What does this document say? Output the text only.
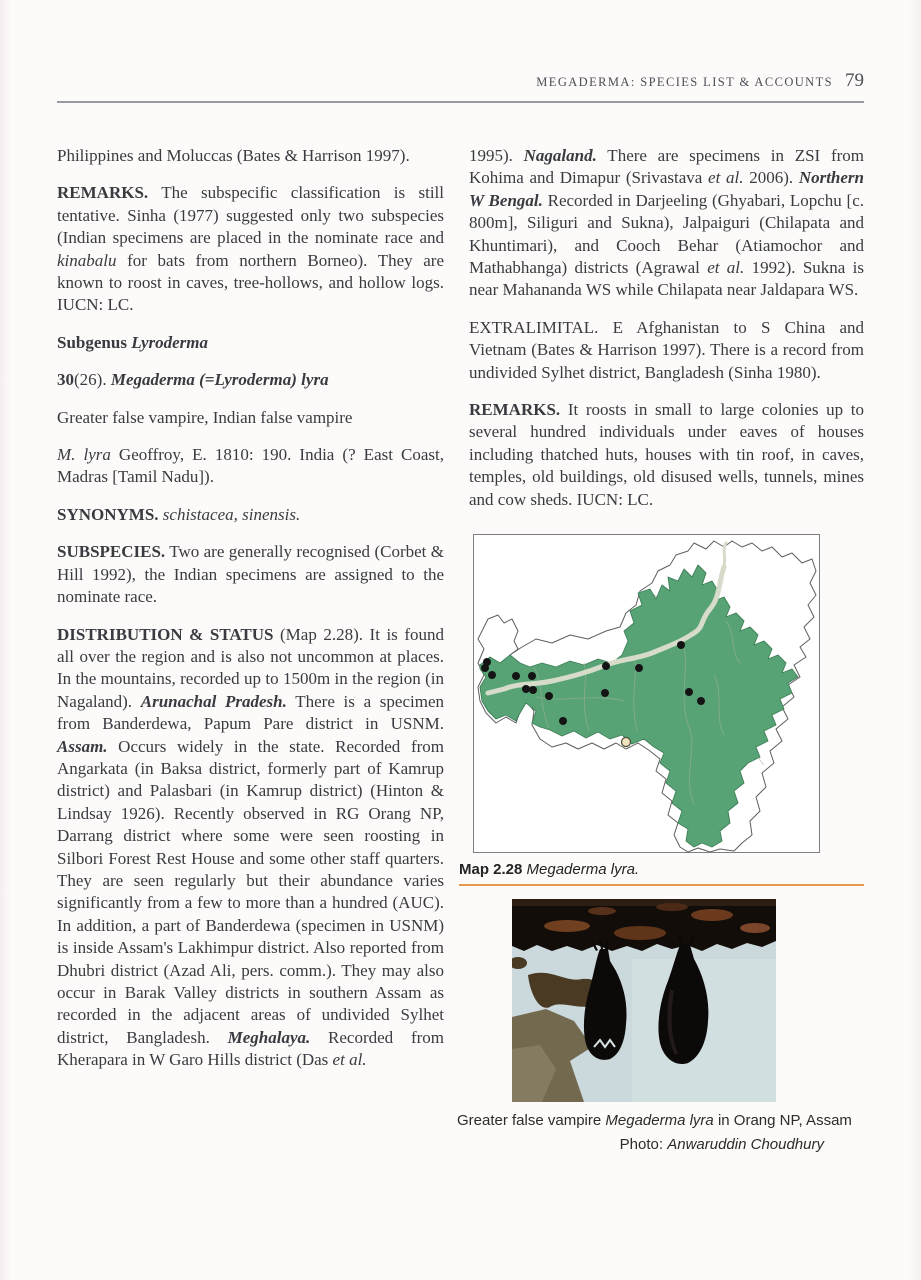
MEGADERMA: SPECIES LIST & ACCOUNTS 79

Philippines and Moluccas (Bates & Harrison 1997).

REMARKS. The subspecific classification is still tentative. Sinha (1977) suggested only two subspecies (Indian specimens are placed in the nominate race and kinabalu for bats from northern Borneo). They are known to roost in caves, tree-hollows, and hollow logs. IUCN: LC.

Subgenus Lyroderma

30(26). Megaderma (=Lyroderma) lyra

Greater false vampire, Indian false vampire

M. lyra Geoffroy, E. 1810: 190. India (? East Coast, Madras [Tamil Nadu]).

SYNONYMS. schistacea, sinensis.

SUBSPECIES. Two are generally recognised (Corbet & Hill 1992), the Indian specimens are assigned to the nominate race.

DISTRIBUTION & STATUS (Map 2.28). It is found all over the region and is also not uncommon at places. In the mountains, recorded up to 1500m in the region (in Nagaland). Arunachal Pradesh. There is a specimen from Banderdewa, Papum Pare district in USNM. Assam. Occurs widely in the state. Recorded from Angarkata (in Baksa district, formerly part of Kamrup district) and Palasbari (in Kamrup district) (Hinton & Lindsay 1926). Recently observed in RG Orang NP, Darrang district where some were seen roosting in Silbori Forest Rest House and some other staff quarters. They are seen regularly but their abundance varies significantly from a few to more than a hundred (AUC). In addition, a part of Banderdewa (specimen in USNM) is inside Assam's Lakhimpur district. Also reported from Dhubri district (Azad Ali, pers. comm.). They may also occur in Barak Valley districts in southern Assam as recorded in the adjacent areas of undivided Sylhet district, Bangladesh. Meghalaya. Recorded from Kherapara in W Garo Hills district (Das et al.

1995). Nagaland. There are specimens in ZSI from Kohima and Dimapur (Srivastava et al. 2006). Northern W Bengal. Recorded in Darjeeling (Ghyabari, Lopchu [c. 800m], Siliguri and Sukna), Jalpaiguri (Chilapata and Khuntimari), and Cooch Behar (Atiamochor and Mathabhanga) districts (Agrawal et al. 1992). Sukna is near Mahananda WS while Chilapata near Jaldapara WS.

EXTRALIMITAL. E Afghanistan to S China and Vietnam (Bates & Harrison 1997). There is a record from undivided Sylhet district, Bangladesh (Sinha 1980).

REMARKS. It roosts in small to large colonies up to several hundred individuals under eaves of houses including thatched huts, houses with tin roof, in caves, temples, old buildings, old disused wells, tunnels, mines and cow sheds. IUCN: LC.

Map 2.28 Megaderma lyra.
Greater false vampire Megaderma lyra in Orang NP, Assam
Photo: Anwaruddin Choudhury
